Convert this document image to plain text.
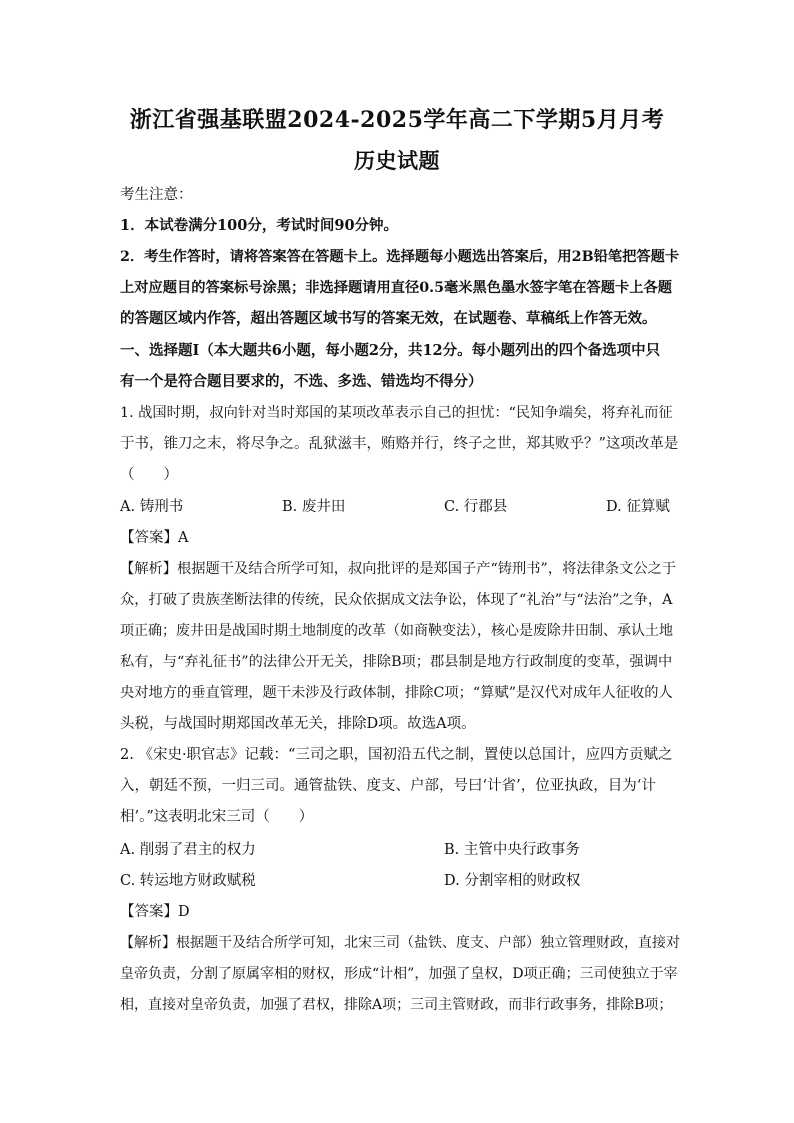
浙江省强基联盟2024-2025学年高二下学期5月月考
历史试题
考生注意：
1．本试卷满分100分，考试时间90分钟。
2．考生作答时，请将答案答在答题卡上。选择题每小题选出答案后，用2B铅笔把答题卡
上对应题目的答案标号涂黑；非选择题请用直径0.5毫米黑色墨水签字笔在答题卡上各题
的答题区域内作答，超出答题区域书写的答案无效，在试题卷、草稿纸上作答无效。
一、选择题Ⅰ（本大题共6小题，每小题2分，共12分。每小题列出的四个备选项中只
有一个是符合题目要求的，不选、多选、错选均不得分）
1. 战国时期，叔向针对当时郑国的某项改革表示自己的担忧：“民知争端矣，将弃礼而征
于书，锥刀之末，将尽争之。乱狱滋丰，贿赂并行，终子之世，郑其败乎？”这项改革是
（　　）
A. 铸刑书	B. 废井田	C. 行郡县	D. 征算赋
【答案】A
【解析】根据题干及结合所学可知，叔向批评的是郑国子产“铸刑书”，将法律条文公之于
众，打破了贵族垄断法律的传统，民众依据成文法争讼，体现了“礼治”与“法治”之争，A
项正确；废井田是战国时期土地制度的改革（如商鞅变法），核心是废除井田制、承认土地
私有，与“弃礼征书”的法律公开无关，排除B项；郡县制是地方行政制度的变革，强调中
央对地方的垂直管理，题干未涉及行政体制，排除C项；“算赋”是汉代对成年人征收的人
头税，与战国时期郑国改革无关，排除D项。故选A项。
2. 《宋史·职官志》记载：“三司之职，国初沿五代之制，置使以总国计，应四方贡赋之
入，朝廷不预，一归三司。通管盐铁、度支、户部，号曰‘计省’，位亚执政，目为‘计
相’。”这表明北宋三司（　　）
A. 削弱了君主的权力	B. 主管中央行政事务
C. 转运地方财政赋税	D. 分割宰相的财政权
【答案】D
【解析】根据题干及结合所学可知，北宋三司（盐铁、度支、户部）独立管理财政，直接对
皇帝负责，分割了原属宰相的财权，形成“计相”，加强了皇权，D项正确；三司使独立于宰
相，直接对皇帝负责，加强了君权，排除A项；三司主管财政，而非行政事务，排除B项；
